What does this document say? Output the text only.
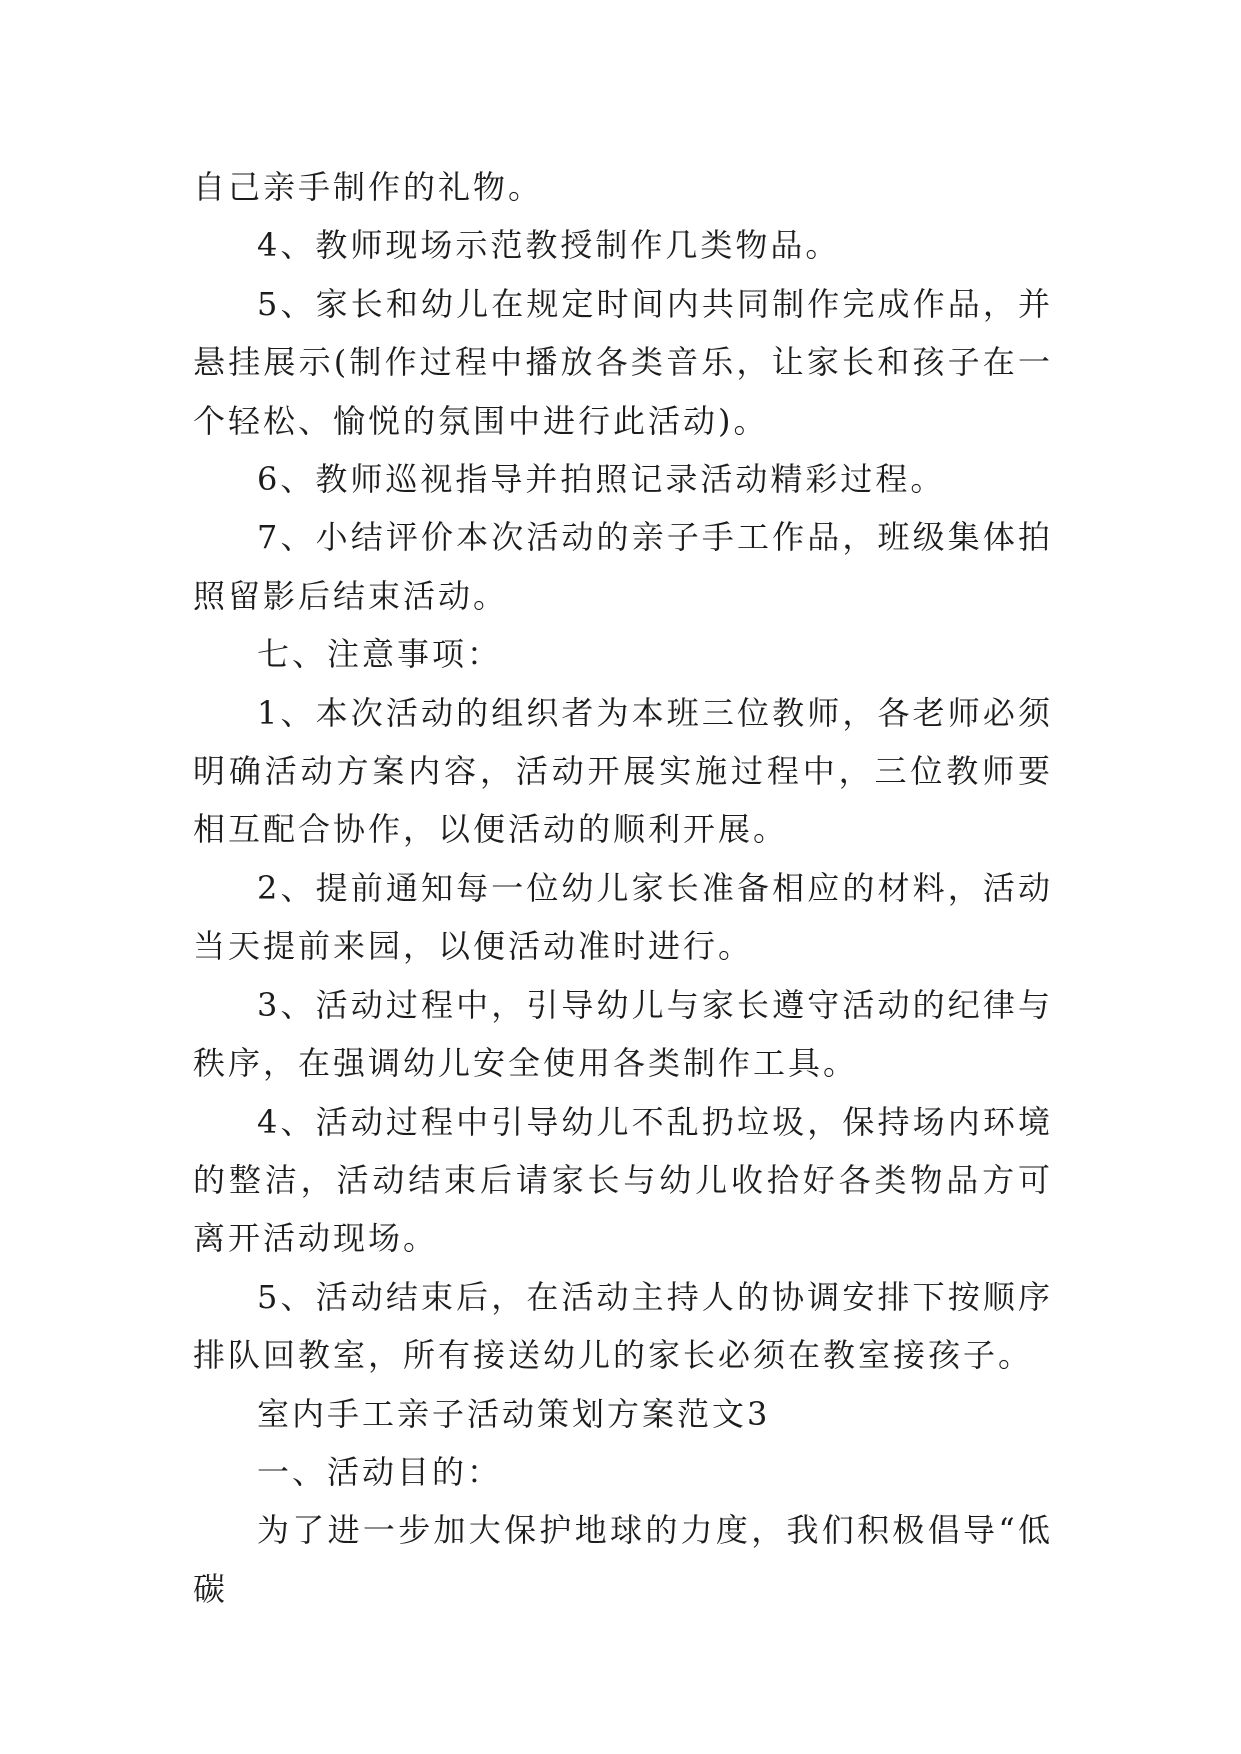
自己亲手制作的礼物。

4、教师现场示范教授制作几类物品。

5、家长和幼儿在规定时间内共同制作完成作品，并悬挂展示(制作过程中播放各类音乐，让家长和孩子在一个轻松、愉悦的氛围中进行此活动)。

6、教师巡视指导并拍照记录活动精彩过程。

7、小结评价本次活动的亲子手工作品，班级集体拍照留影后结束活动。

七、注意事项：

1、本次活动的组织者为本班三位教师，各老师必须明确活动方案内容，活动开展实施过程中，三位教师要相互配合协作，以便活动的顺利开展。

2、提前通知每一位幼儿家长准备相应的材料，活动当天提前来园，以便活动准时进行。

3、活动过程中，引导幼儿与家长遵守活动的纪律与秩序，在强调幼儿安全使用各类制作工具。

4、活动过程中引导幼儿不乱扔垃圾，保持场内环境的整洁，活动结束后请家长与幼儿收拾好各类物品方可离开活动现场。

5、活动结束后，在活动主持人的协调安排下按顺序排队回教室，所有接送幼儿的家长必须在教室接孩子。

室内手工亲子活动策划方案范文3

一、活动目的：

为了进一步加大保护地球的力度，我们积极倡导“低碳
